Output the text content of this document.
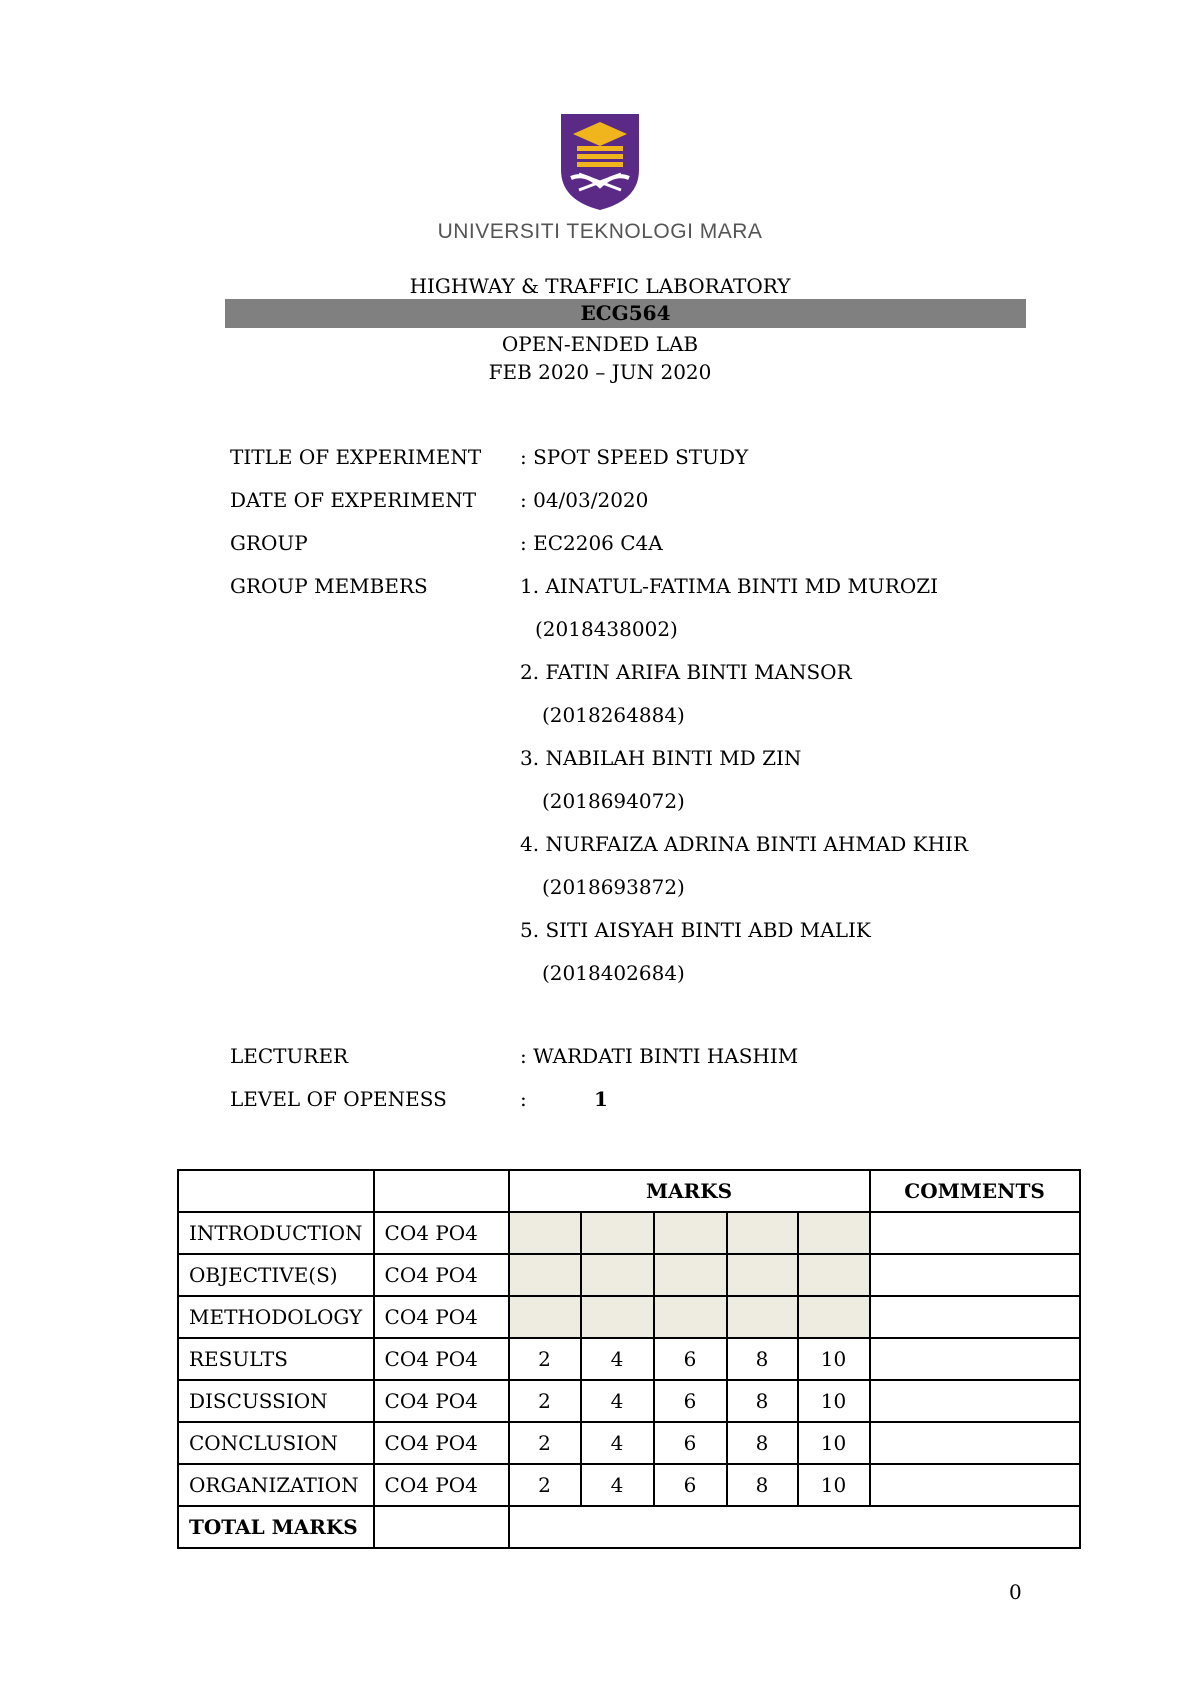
UNIVERSITI TEKNOLOGI MARA
HIGHWAY & TRAFFIC LABORATORY
ECG564
OPEN-ENDED LAB
FEB 2020 – JUN 2020
TITLE OF EXPERIMENT : SPOT SPEED STUDY
DATE OF EXPERIMENT : 04/03/2020
GROUP	: EC2206 C4A
GROUP MEMBERS	1. AINATUL-FATIMA BINTI MD MUROZI
(2018438002)
2. FATIN ARIFA BINTI MANSOR
(2018264884)
3. NABILAH BINTI MD ZIN
(2018694072)
4. NURFAIZA ADRINA BINTI AHMAD KHIR
(2018693872)
5. SITI AISYAH BINTI ABD MALIK
(2018402684)
LECTURER	: WARDATI BINTI HASHIM
LEVEL OF OPENESS	:	1
		MARKS					COMMENTS
INTRODUCTION	CO4 PO4						
OBJECTIVE(S)	CO4 PO4						
METHODOLOGY	CO4 PO4						
RESULTS	CO4 PO4	2	4	6	8	10	
DISCUSSION	CO4 PO4	2	4	6	8	10	
CONCLUSION	CO4 PO4	2	4	6	8	10	
ORGANIZATION	CO4 PO4	2	4	6	8	10	
TOTAL MARKS							
0
